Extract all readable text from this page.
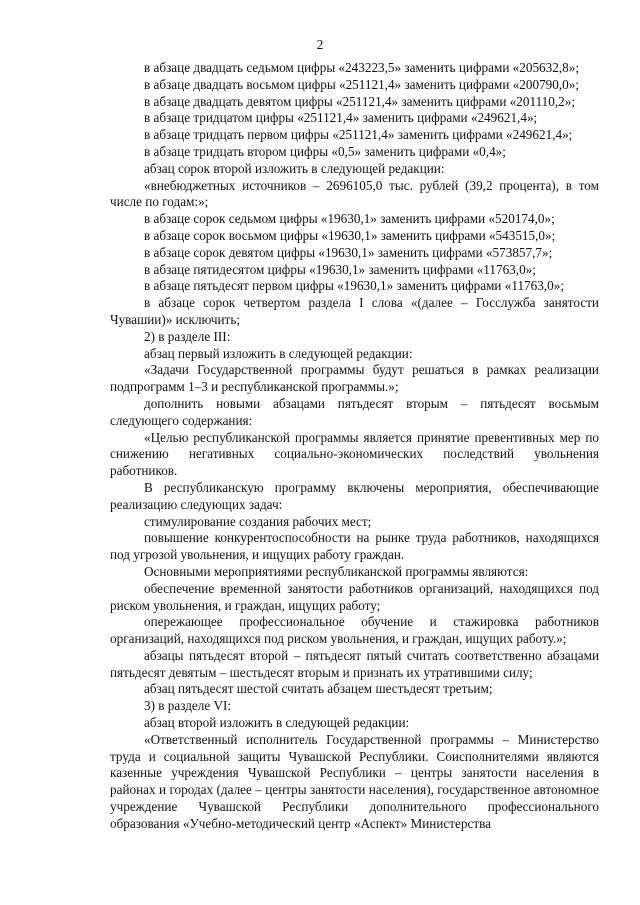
2

в абзаце двадцать седьмом цифры «243223,5» заменить цифрами «205632,8»;

в абзаце двадцать восьмом цифры «251121,4» заменить цифрами «200790,0»;

в абзаце двадцать девятом цифры «251121,4» заменить цифрами «201110,2»;

в абзаце тридцатом цифры «251121,4» заменить цифрами «249621,4»;

в абзаце тридцать первом цифры «251121,4» заменить цифрами «249621,4»;

в абзаце тридцать втором цифры «0,5» заменить цифрами «0,4»;

абзац сорок второй изложить в следующей редакции:

«внебюджетных источников – 2696105,0 тыс. рублей (39,2 процента), в том числе по годам:»;

в абзаце сорок седьмом цифры «19630,1» заменить цифрами «520174,0»;

в абзаце сорок восьмом цифры «19630,1» заменить цифрами «543515,0»;

в абзаце сорок девятом цифры «19630,1» заменить цифрами «573857,7»;

в абзаце пятидесятом цифры «19630,1» заменить цифрами «11763,0»;

в абзаце пятьдесят первом цифры «19630,1» заменить цифрами «11763,0»;

в абзаце сорок четвертом раздела I слова «(далее – Госслужба занятости Чувашии)» исключить;

2) в разделе III:

абзац первый изложить в следующей редакции:

«Задачи Государственной программы будут решаться в рамках реализации подпрограмм 1–3 и республиканской программы.»;

дополнить новыми абзацами пятьдесят вторым – пятьдесят восьмым следующего содержания:

«Целью республиканской программы является принятие превентивных мер по снижению негативных социально-экономических последствий увольнения работников.

В республиканскую программу включены мероприятия, обеспечивающие реализацию следующих задач:

стимулирование создания рабочих мест;

повышение конкурентоспособности на рынке труда работников, находящихся под угрозой увольнения, и ищущих работу граждан.

Основными мероприятиями республиканской программы являются:

обеспечение временной занятости работников организаций, находящихся под риском увольнения, и граждан, ищущих работу;

опережающее профессиональное обучение и стажировка работников организаций, находящихся под риском увольнения, и граждан, ищущих работу.»;

абзацы пятьдесят второй – пятьдесят пятый считать соответственно абзацами пятьдесят девятым – шестьдесят вторым и признать их утратившими силу;

абзац пятьдесят шестой считать абзацем шестьдесят третьим;

3) в разделе VI:

абзац второй изложить в следующей редакции:

«Ответственный исполнитель Государственной программы – Министерство труда и социальной защиты Чувашской Республики. Соисполнителями являются казенные учреждения Чувашской Республики – центры занятости населения в районах и городах (далее – центры занятости населения), государственное автономное учреждение Чувашской Республики дополнительного профессионального образования «Учебно-методический центр «Аспект» Министерства
